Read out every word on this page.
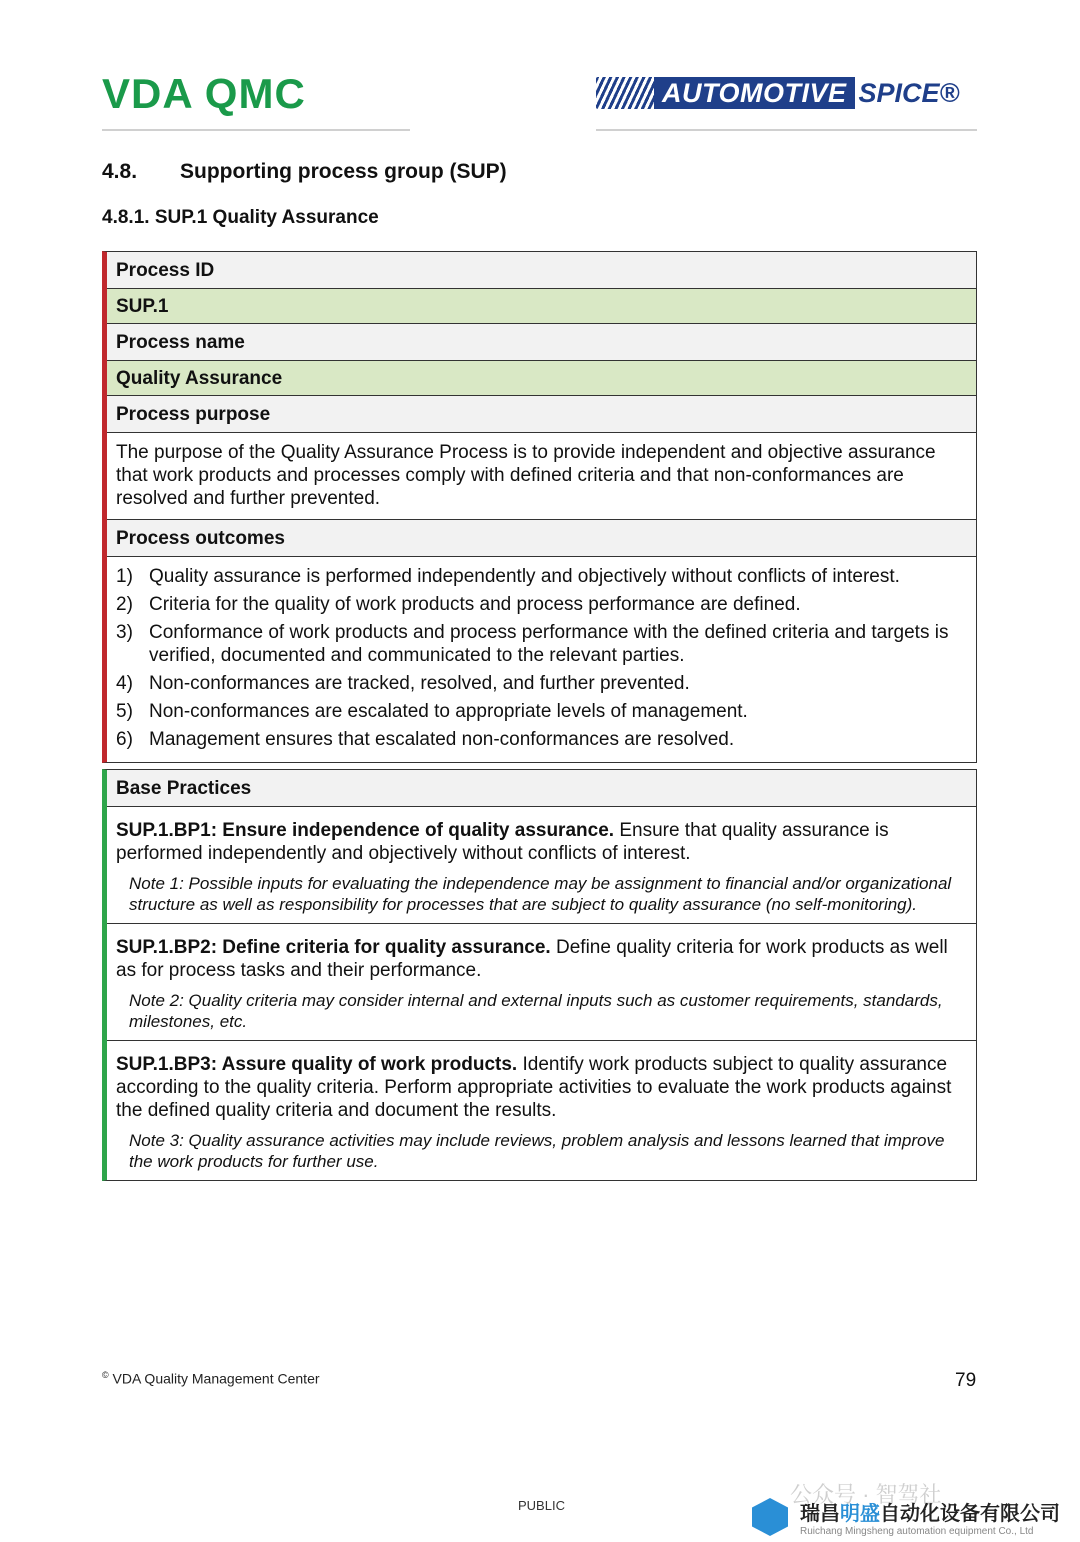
VDA QMC	AUTOMOTIVE SPICE®
4.8. Supporting process group (SUP)
4.8.1. SUP.1 Quality Assurance
Process ID
SUP.1
Process name
Quality Assurance
Process purpose
The purpose of the Quality Assurance Process is to provide independent and objective assurance that work products and processes comply with defined criteria and that non-conformances are resolved and further prevented.
Process outcomes
1) Quality assurance is performed independently and objectively without conflicts of interest.
2) Criteria for the quality of work products and process performance are defined.
3) Conformance of work products and process performance with the defined criteria and targets is verified, documented and communicated to the relevant parties.
4) Non-conformances are tracked, resolved, and further prevented.
5) Non-conformances are escalated to appropriate levels of management.
6) Management ensures that escalated non-conformances are resolved.
Base Practices
SUP.1.BP1: Ensure independence of quality assurance. Ensure that quality assurance is performed independently and objectively without conflicts of interest.
Note 1: Possible inputs for evaluating the independence may be assignment to financial and/or organizational structure as well as responsibility for processes that are subject to quality assurance (no self-monitoring).
SUP.1.BP2: Define criteria for quality assurance. Define quality criteria for work products as well as for process tasks and their performance.
Note 2: Quality criteria may consider internal and external inputs such as customer requirements, standards, milestones, etc.
SUP.1.BP3: Assure quality of work products. Identify work products subject to quality assurance according to the quality criteria. Perform appropriate activities to evaluate the work products against the defined quality criteria and document the results.
Note 3: Quality assurance activities may include reviews, problem analysis and lessons learned that improve the work products for further use.
© VDA Quality Management Center	79
PUBLIC	公众号 · 智驾社
瑞昌明盛自动化设备有限公司
Ruichang Mingsheng automation equipment Co., Ltd
